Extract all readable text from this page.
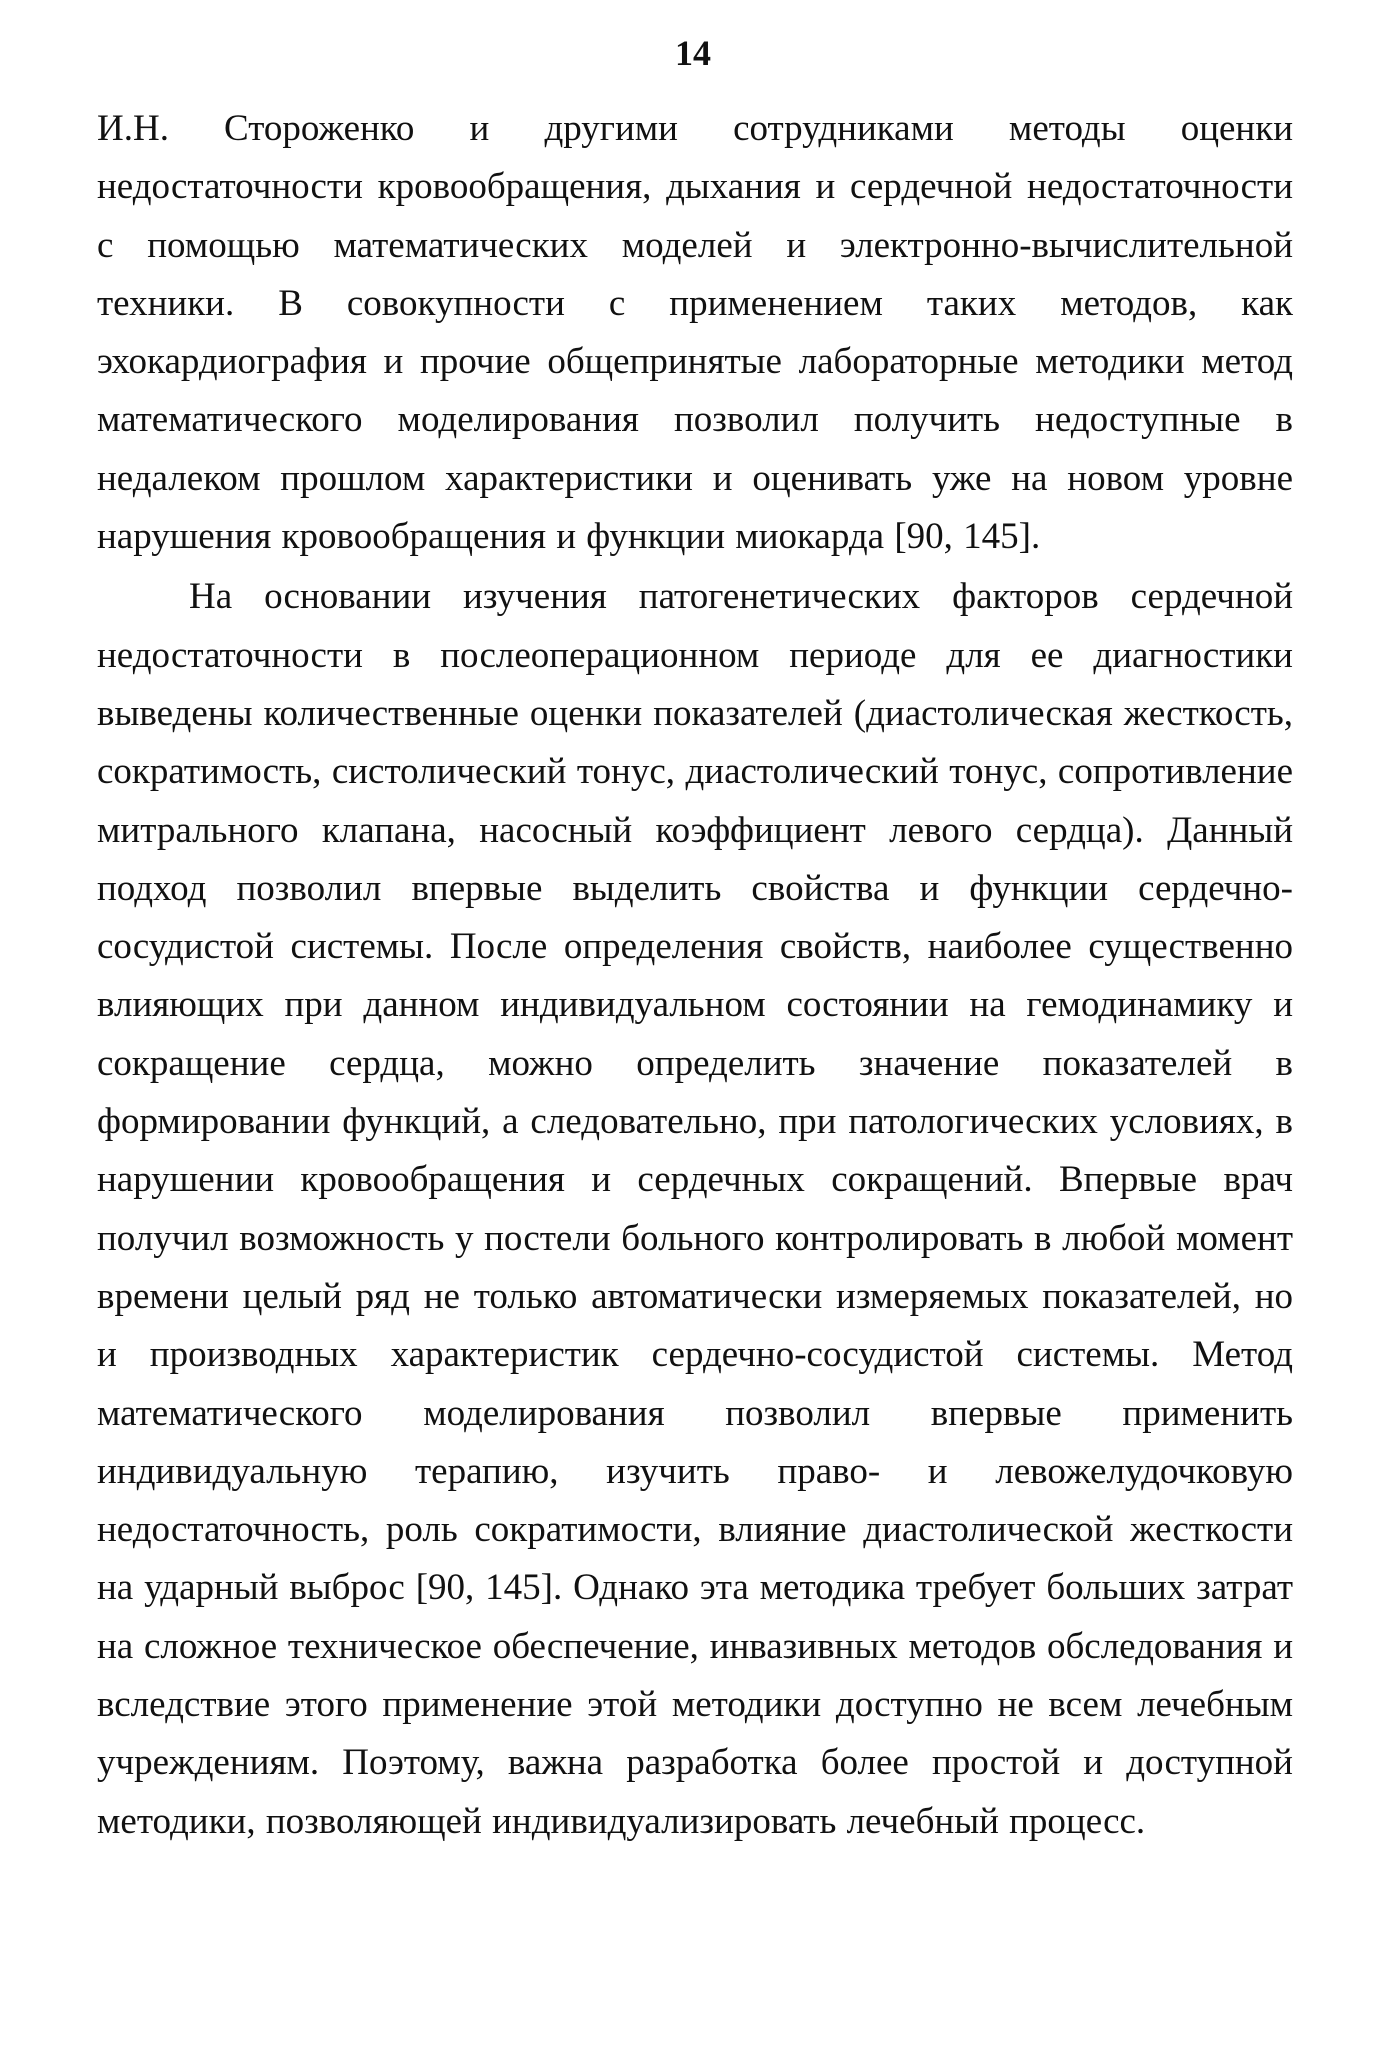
14

И.Н. Стороженко и другими сотрудниками методы оценки недостаточности кровообращения, дыхания и сердечной недостаточности с помощью математических моделей и электронно-вычислительной техники. В совокупности с применением таких методов, как эхокардиография и прочие общепринятые лабораторные методики метод математического моделирования позволил получить недоступные в недалеком прошлом характеристики и оценивать уже на новом уровне нарушения кровообращения и функции миокарда [90, 145].

На основании изучения патогенетических факторов сердечной недостаточности в послеоперационном периоде для ее диагностики выведены количественные оценки показателей (диастолическая жесткость, сократимость, систолический тонус, диастолический тонус, сопротивление митрального клапана, насосный коэффициент левого сердца). Данный подход позволил впервые выделить свойства и функции сердечно-сосудистой системы. После определения свойств, наиболее существенно влияющих при данном индивидуальном состоянии на гемодинамику и сокращение сердца, можно определить значение показателей в формировании функций, а следовательно, при патологических условиях, в нарушении кровообращения и сердечных сокращений. Впервые врач получил возможность у постели больного контролировать в любой момент времени целый ряд не только автоматически измеряемых показателей, но и производных характеристик сердечно-сосудистой системы. Метод математического моделирования позволил впервые применить индивидуальную терапию, изучить право- и левожелудочковую недостаточность, роль сократимости, влияние диастолической жесткости на ударный выброс [90, 145]. Однако эта методика требует больших затрат на сложное техническое обеспечение, инвазивных методов обследования и вследствие этого применение этой методики доступно не всем лечебным учреждениям. Поэтому, важна разработка более простой и доступной методики, позволяющей индивидуализировать лечебный процесс.
